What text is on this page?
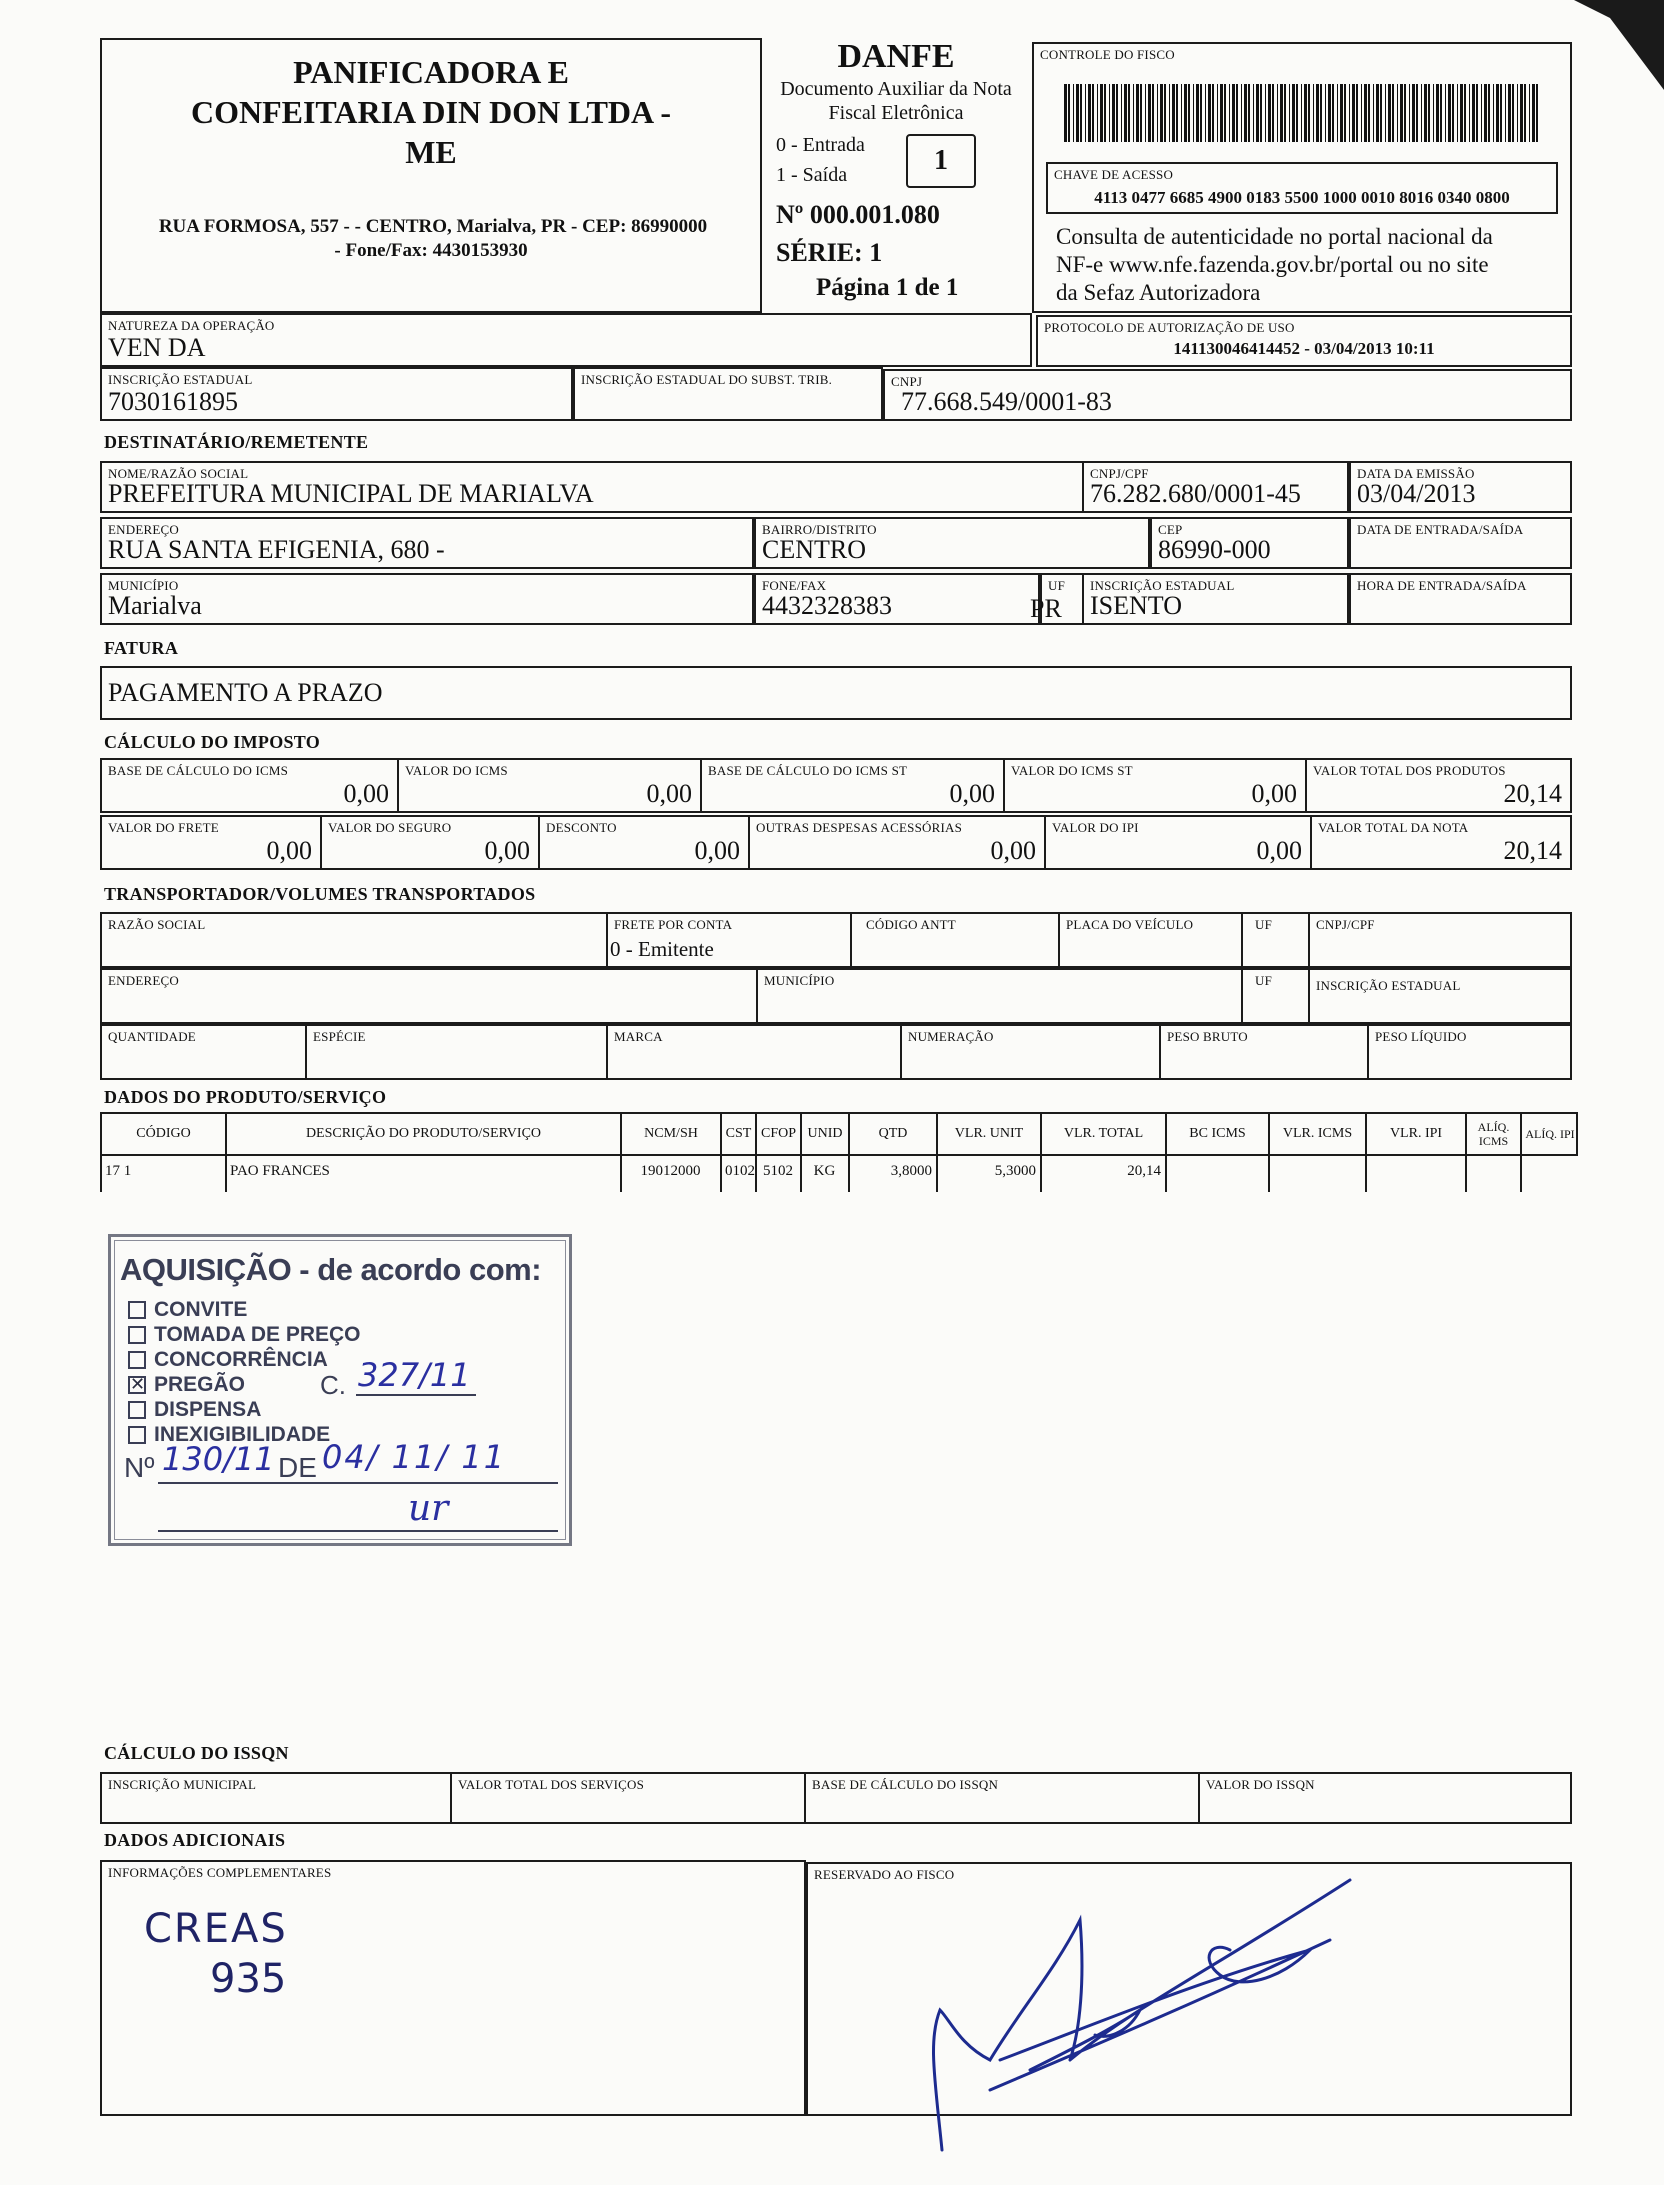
PANIFICADORA E
CONFEITARIA DIN DON LTDA -
ME
RUA FORMOSA, 557 - - CENTRO, Marialva, PR - CEP: 86990000
- Fone/Fax: 4430153930
DANFE
Documento Auxiliar da Nota
Fiscal Eletrônica
0 - Entrada
1 - Saída	1
Nº 000.001.080
SÉRIE: 1
Página 1 de 1
CONTROLE DO FISCO
CHAVE DE ACESSO
4113 0477 6685 4900 0183 5500 1000 0010 8016 0340 0800
Consulta de autenticidade no portal nacional da
NF-e www.nfe.fazenda.gov.br/portal ou no site
da Sefaz Autorizadora
NATUREZA DA OPERAÇÃO
VEN DA
PROTOCOLO DE AUTORIZAÇÃO DE USO
141130046414452 - 03/04/2013 10:11
INSCRIÇÃO ESTADUAL
7030161895
INSCRIÇÃO ESTADUAL DO SUBST. TRIB.	CNPJ
77.668.549/0001-83
DESTINATÁRIO/REMETENTE
NOME/RAZÃO SOCIAL
PREFEITURA MUNICIPAL DE MARIALVA
CNPJ/CPF
76.282.680/0001-45
DATA DA EMISSÃO
03/04/2013
ENDEREÇO
RUA SANTA EFIGENIA, 680 -
BAIRRO/DISTRITO
CENTRO
CEP
86990-000
DATA DE ENTRADA/SAÍDA
MUNICÍPIO
Marialva
FONE/FAX
4432328383
UF
PR
INSCRIÇÃO ESTADUAL
ISENTO
HORA DE ENTRADA/SAÍDA
FATURA
PAGAMENTO A PRAZO
CÁLCULO DO IMPOSTO
BASE DE CÁLCULO DO ICMS
0,00
VALOR DO ICMS
0,00
BASE DE CÁLCULO DO ICMS ST
0,00
VALOR DO ICMS ST
0,00
VALOR TOTAL DOS PRODUTOS
20,14
VALOR DO FRETE
0,00
VALOR DO SEGURO
0,00
DESCONTO
0,00
OUTRAS DESPESAS ACESSÓRIAS
0,00
VALOR DO IPI
0,00
VALOR TOTAL DA NOTA
20,14
TRANSPORTADOR/VOLUMES TRANSPORTADOS
RAZÃO SOCIAL	FRETE POR CONTA
0 - Emitente
CÓDIGO ANTT	PLACA DO VEÍCULO	UF	CNPJ/CPF
ENDEREÇO	MUNICÍPIO	UF	INSCRIÇÃO ESTADUAL
QUANTIDADE	ESPÉCIE	MARCA	NUMERAÇÃO	PESO BRUTO	PESO LÍQUIDO
DADOS DO PRODUTO/SERVIÇO
CÓDIGO	DESCRIÇÃO DO PRODUTO/SERVIÇO	NCM/SH	CST CFOP UNID	QTD	VLR. UNIT	VLR. TOTAL	BC ICMS	VLR. ICMS	VLR. IPI	ALÍQ. ICMS	ALÍQ. IPI
17 1	PAO FRANCES	19012000	0102 5102	KG	3,8000	5,3000	20,14
AQUISIÇÃO - de acordo com:
CONVITE
TOMADA DE PREÇO
CONCORRÊNCIA
✕ PREGÃO
DISPENSA
INEXIGIBILIDADE
C. 327/11
Nº 130/11 DE 04/ 11/ 11
ur
CÁLCULO DO ISSQN
INSCRIÇÃO MUNICIPAL	VALOR TOTAL DOS SERVIÇOS	BASE DE CÁLCULO DO ISSQN	VALOR DO ISSQN
DADOS ADICIONAIS
INFORMAÇÕES COMPLEMENTARES
CREAS
935
RESERVADO AO FISCO
